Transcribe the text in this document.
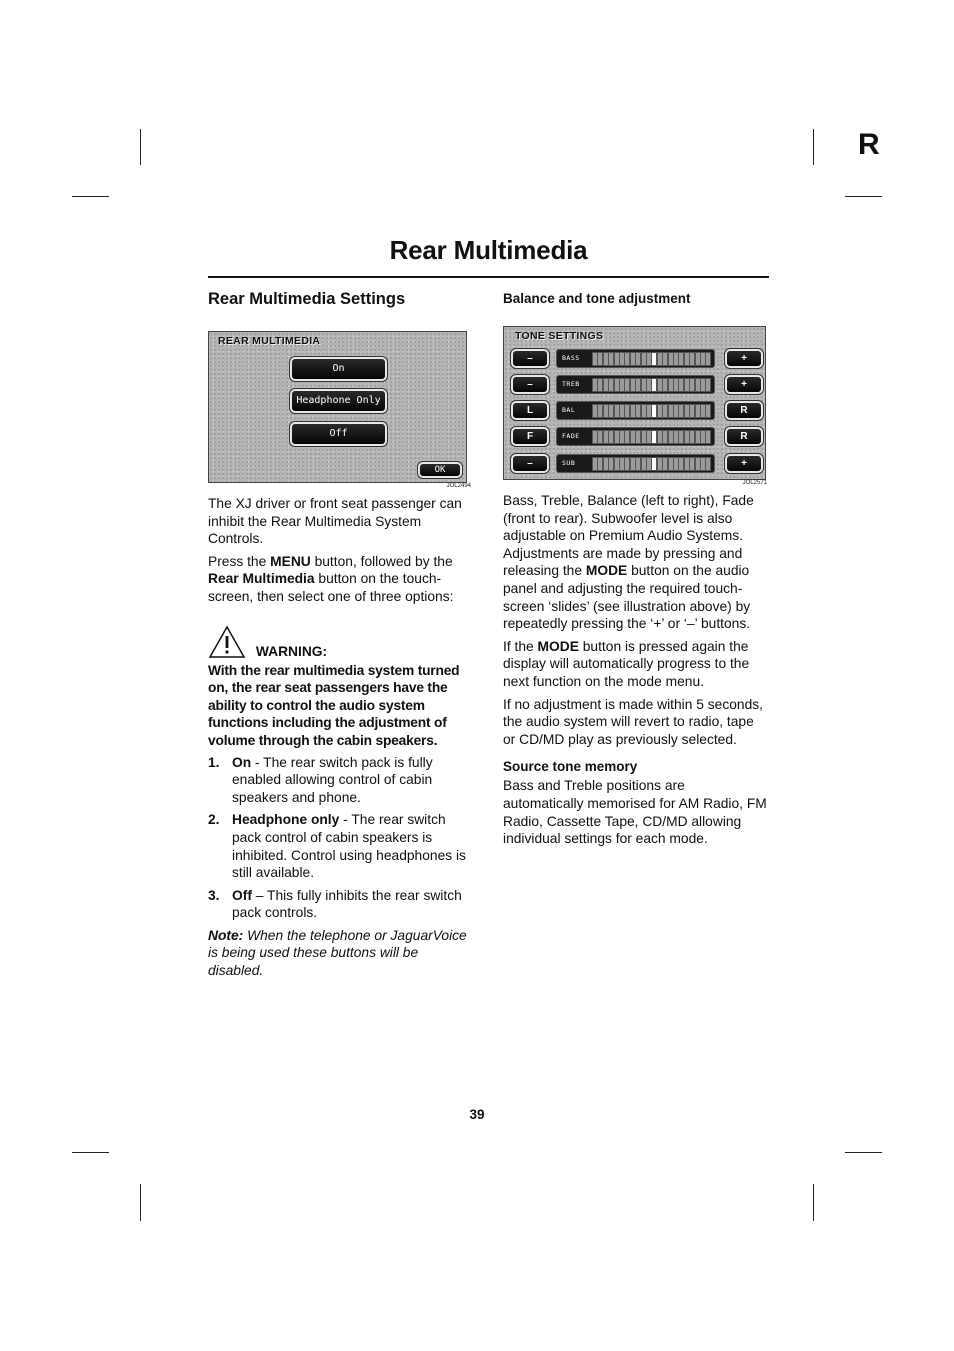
R
Rear Multimedia
Rear Multimedia Settings
REAR MULTIMEDIA
On
Headphone Only
Off
OK
JOL2494

The XJ driver or front seat passenger can inhibit the Rear Multimedia System Controls.

Press the MENU button, followed by the Rear Multimedia button on the touch-screen, then select one of three options:

WARNING:

With the rear multimedia system turned on, the rear seat passengers have the ability to control the audio system functions including the adjustment of volume through the cabin speakers.

1. On - The rear switch pack is fully enabled allowing control of cabin speakers and phone.
2. Headphone only - The rear switch pack control of cabin speakers is inhibited. Control using headphones is still available.
3. Off – This fully inhibits the rear switch pack controls.

Note: When the telephone or JaguarVoice is being used these buttons will be disabled.

Balance and tone adjustment
TONE SETTINGS
–	BASS	+
–	TREB	+
L	BAL	R
F	FADE	R
–	SUB	+
JOL2571

Bass, Treble, Balance (left to right), Fade (front to rear). Subwoofer level is also adjustable on Premium Audio Systems. Adjustments are made by pressing and releasing the MODE button on the audio panel and adjusting the required touch-screen ‘slides’ (see illustration above) by repeatedly pressing the ‘+’ or ‘–’ buttons.

If the MODE button is pressed again the display will automatically progress to the next function on the mode menu.

If no adjustment is made within 5 seconds, the audio system will revert to radio, tape or CD/MD play as previously selected.

Source tone memory

Bass and Treble positions are automatically memorised for AM Radio, FM Radio, Cassette Tape, CD/MD allowing individual settings for each mode.

39
